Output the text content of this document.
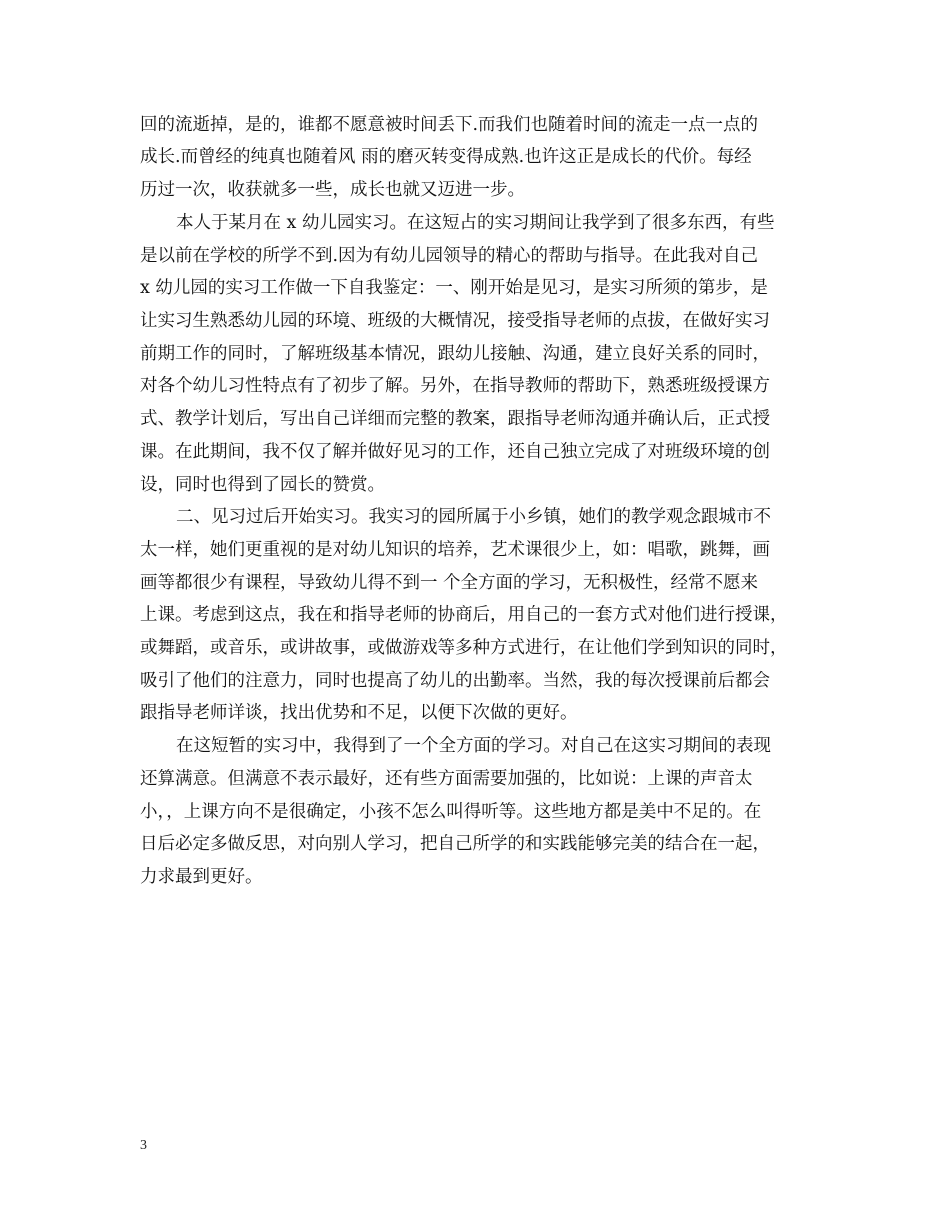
回的流逝掉，是的，谁都不愿意被时间丢下.而我们也随着时间的流走一点一点的
成长.而曾经的纯真也随着风 雨的磨灭转变得成熟.也许这正是成长的代价。每经
历过一次，收获就多一些，成长也就又迈进一步。
本人于某月在 x 幼儿园实习。在这短占的实习期间让我学到了很多东西，有些
是以前在学校的所学不到.因为有幼儿园领导的精心的帮助与指导。在此我对自己
x 幼儿园的实习工作做一下自我鉴定：一、刚开始是见习，是实习所须的第步，是
让实习生熟悉幼儿园的环境、班级的大概情况，接受指导老师的点拔，在做好实习
前期工作的同时，了解班级基本情况，跟幼儿接触、沟通，建立良好关系的同时，
对各个幼儿习性特点有了初步了解。另外，在指导教师的帮助下，熟悉班级授课方
式、教学计划后，写出自己详细而完整的教案，跟指导老师沟通并确认后，正式授
课。在此期间，我不仅了解并做好见习的工作，还自己独立完成了对班级环境的创
设，同时也得到了园长的赞赏。
二、见习过后开始实习。我实习的园所属于小乡镇，她们的教学观念跟城市不
太一样，她们更重视的是对幼儿知识的培养，艺术课很少上，如：唱歌，跳舞，画
画等都很少有课程，导致幼儿得不到一 个全方面的学习，无积极性，经常不愿来
上课。考虑到这点，我在和指导老师的协商后，用自己的一套方式对他们进行授课，
或舞蹈，或音乐，或讲故事，或做游戏等多种方式进行，在让他们学到知识的同时，
吸引了他们的注意力，同时也提高了幼儿的出勤率。当然，我的每次授课前后都会
跟指导老师详谈，找出优势和不足，以便下次做的更好。
在这短暂的实习中，我得到了一个全方面的学习。对自己在这实习期间的表现
还算满意。但满意不表示最好，还有些方面需要加强的，比如说：上课的声音太
小，，上课方向不是很确定，小孩不怎么叫得听等。这些地方都是美中不足的。在
日后必定多做反思，对向别人学习，把自己所学的和实践能够完美的结合在一起，
力求最到更好。
3
